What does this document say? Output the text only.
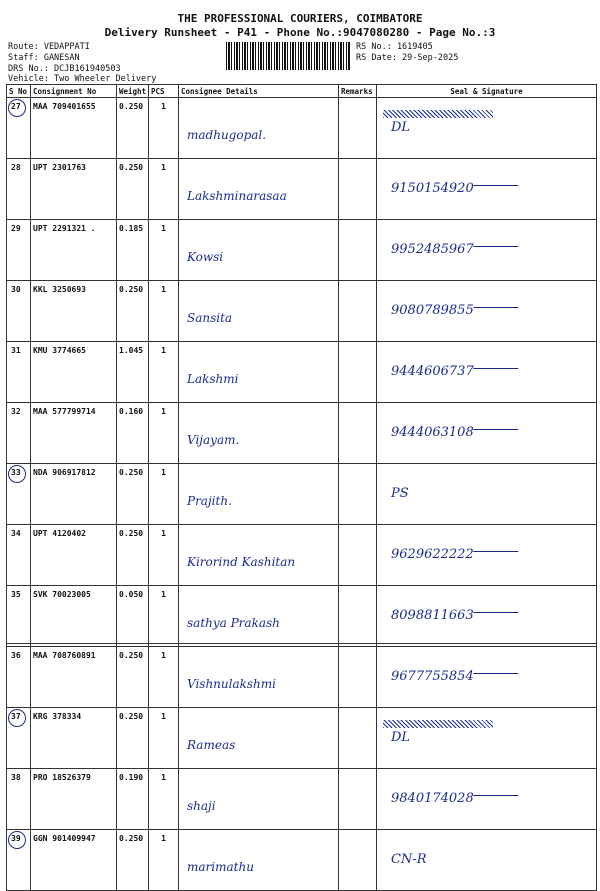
THE PROFESSIONAL COURIERS, COIMBATORE
Delivery Runsheet - P41 - Phone No.:9047080280 - Page No.:3
Route: VEDAPPATI
Staff: GANESAN
DRS No.: DCJB161940503
Vehicle: Two Wheeler Delivery
RS No.: 1619405
RS Date: 29-Sep-2025
S No	Consignment No	Weight	PCS	Consignee Details	Remarks	Seal & Signature

27	MAA 709401655	0.250	1	madhugopal.		DL

28	UPT 2301763	0.250	1	Lakshminarasaa		9150154920

29	UPT 2291321 .	0.185	1	Kowsi		9952485967

30	KKL 3250693	0.250	1	Sansita		9080789855

31	KMU 3774665	1.045	1	Lakshmi		9444606737

32	MAA 577799714	0.160	1	Vijayam.		9444063108

33	NDA 906917812	0.250	1	Prajith.		PS

34	UPT 4120402	0.250	1	Kirorind Kashitan		9629622222

35	SVK 70023005	0.050	1	sathya Prakash		8098811663

36	MAA 708760891	0.250	1	Vishnulakshmi		9677755854

37	KRG 378334	0.250	1	Rameas		DL

38	PRO 18526379	0.190	1	shaji		9840174028

39	GGN 901409947	0.250	1	marimathu		CN-R
